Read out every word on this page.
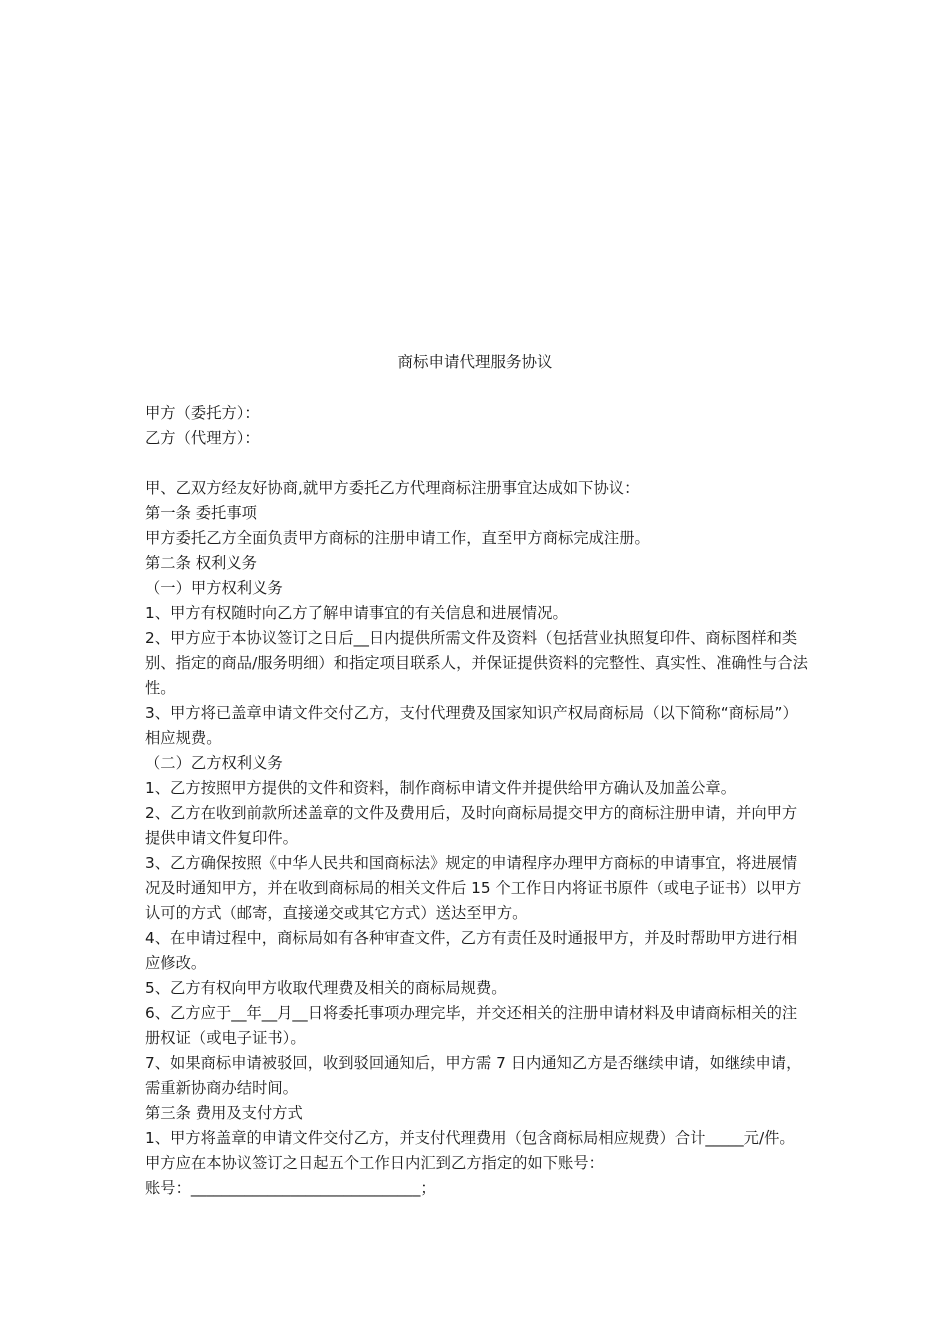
商标申请代理服务协议

甲方（委托方）：

乙方（代理方）：

甲、乙双方经友好协商,就甲方委托乙方代理商标注册事宜达成如下协议：

第一条 委托事项

甲方委托乙方全面负责甲方商标的注册申请工作，直至甲方商标完成注册。

第二条 权利义务

（一）甲方权利义务

1、甲方有权随时向乙方了解申请事宜的有关信息和进展情况。

2、甲方应于本协议签订之日后__日内提供所需文件及资料（包括营业执照复印件、商标图样和类别、指定的商品/服务明细）和指定项目联系人，并保证提供资料的完整性、真实性、准确性与合法性。

3、甲方将已盖章申请文件交付乙方，支付代理费及国家知识产权局商标局（以下简称“商标局”）相应规费。

（二）乙方权利义务

1、乙方按照甲方提供的文件和资料，制作商标申请文件并提供给甲方确认及加盖公章。

2、乙方在收到前款所述盖章的文件及费用后，及时向商标局提交甲方的商标注册申请，并向甲方提供申请文件复印件。

3、乙方确保按照《中华人民共和国商标法》规定的申请程序办理甲方商标的申请事宜，将进展情况及时通知甲方，并在收到商标局的相关文件后 15 个工作日内将证书原件（或电子证书）以甲方认可的方式（邮寄，直接递交或其它方式）送达至甲方。

4、在申请过程中，商标局如有各种审查文件，乙方有责任及时通报甲方，并及时帮助甲方进行相应修改。

5、乙方有权向甲方收取代理费及相关的商标局规费。

6、乙方应于__年__月__日将委托事项办理完毕，并交还相关的注册申请材料及申请商标相关的注册权证（或电子证书）。

7、如果商标申请被驳回，收到驳回通知后，甲方需 7 日内通知乙方是否继续申请，如继续申请，需重新协商办结时间。

第三条 费用及支付方式

1、甲方将盖章的申请文件交付乙方，并支付代理费用（包含商标局相应规费）合计_____元/件。

甲方应在本协议签订之日起五个工作日内汇到乙方指定的如下账号：

账号：______________________________；
